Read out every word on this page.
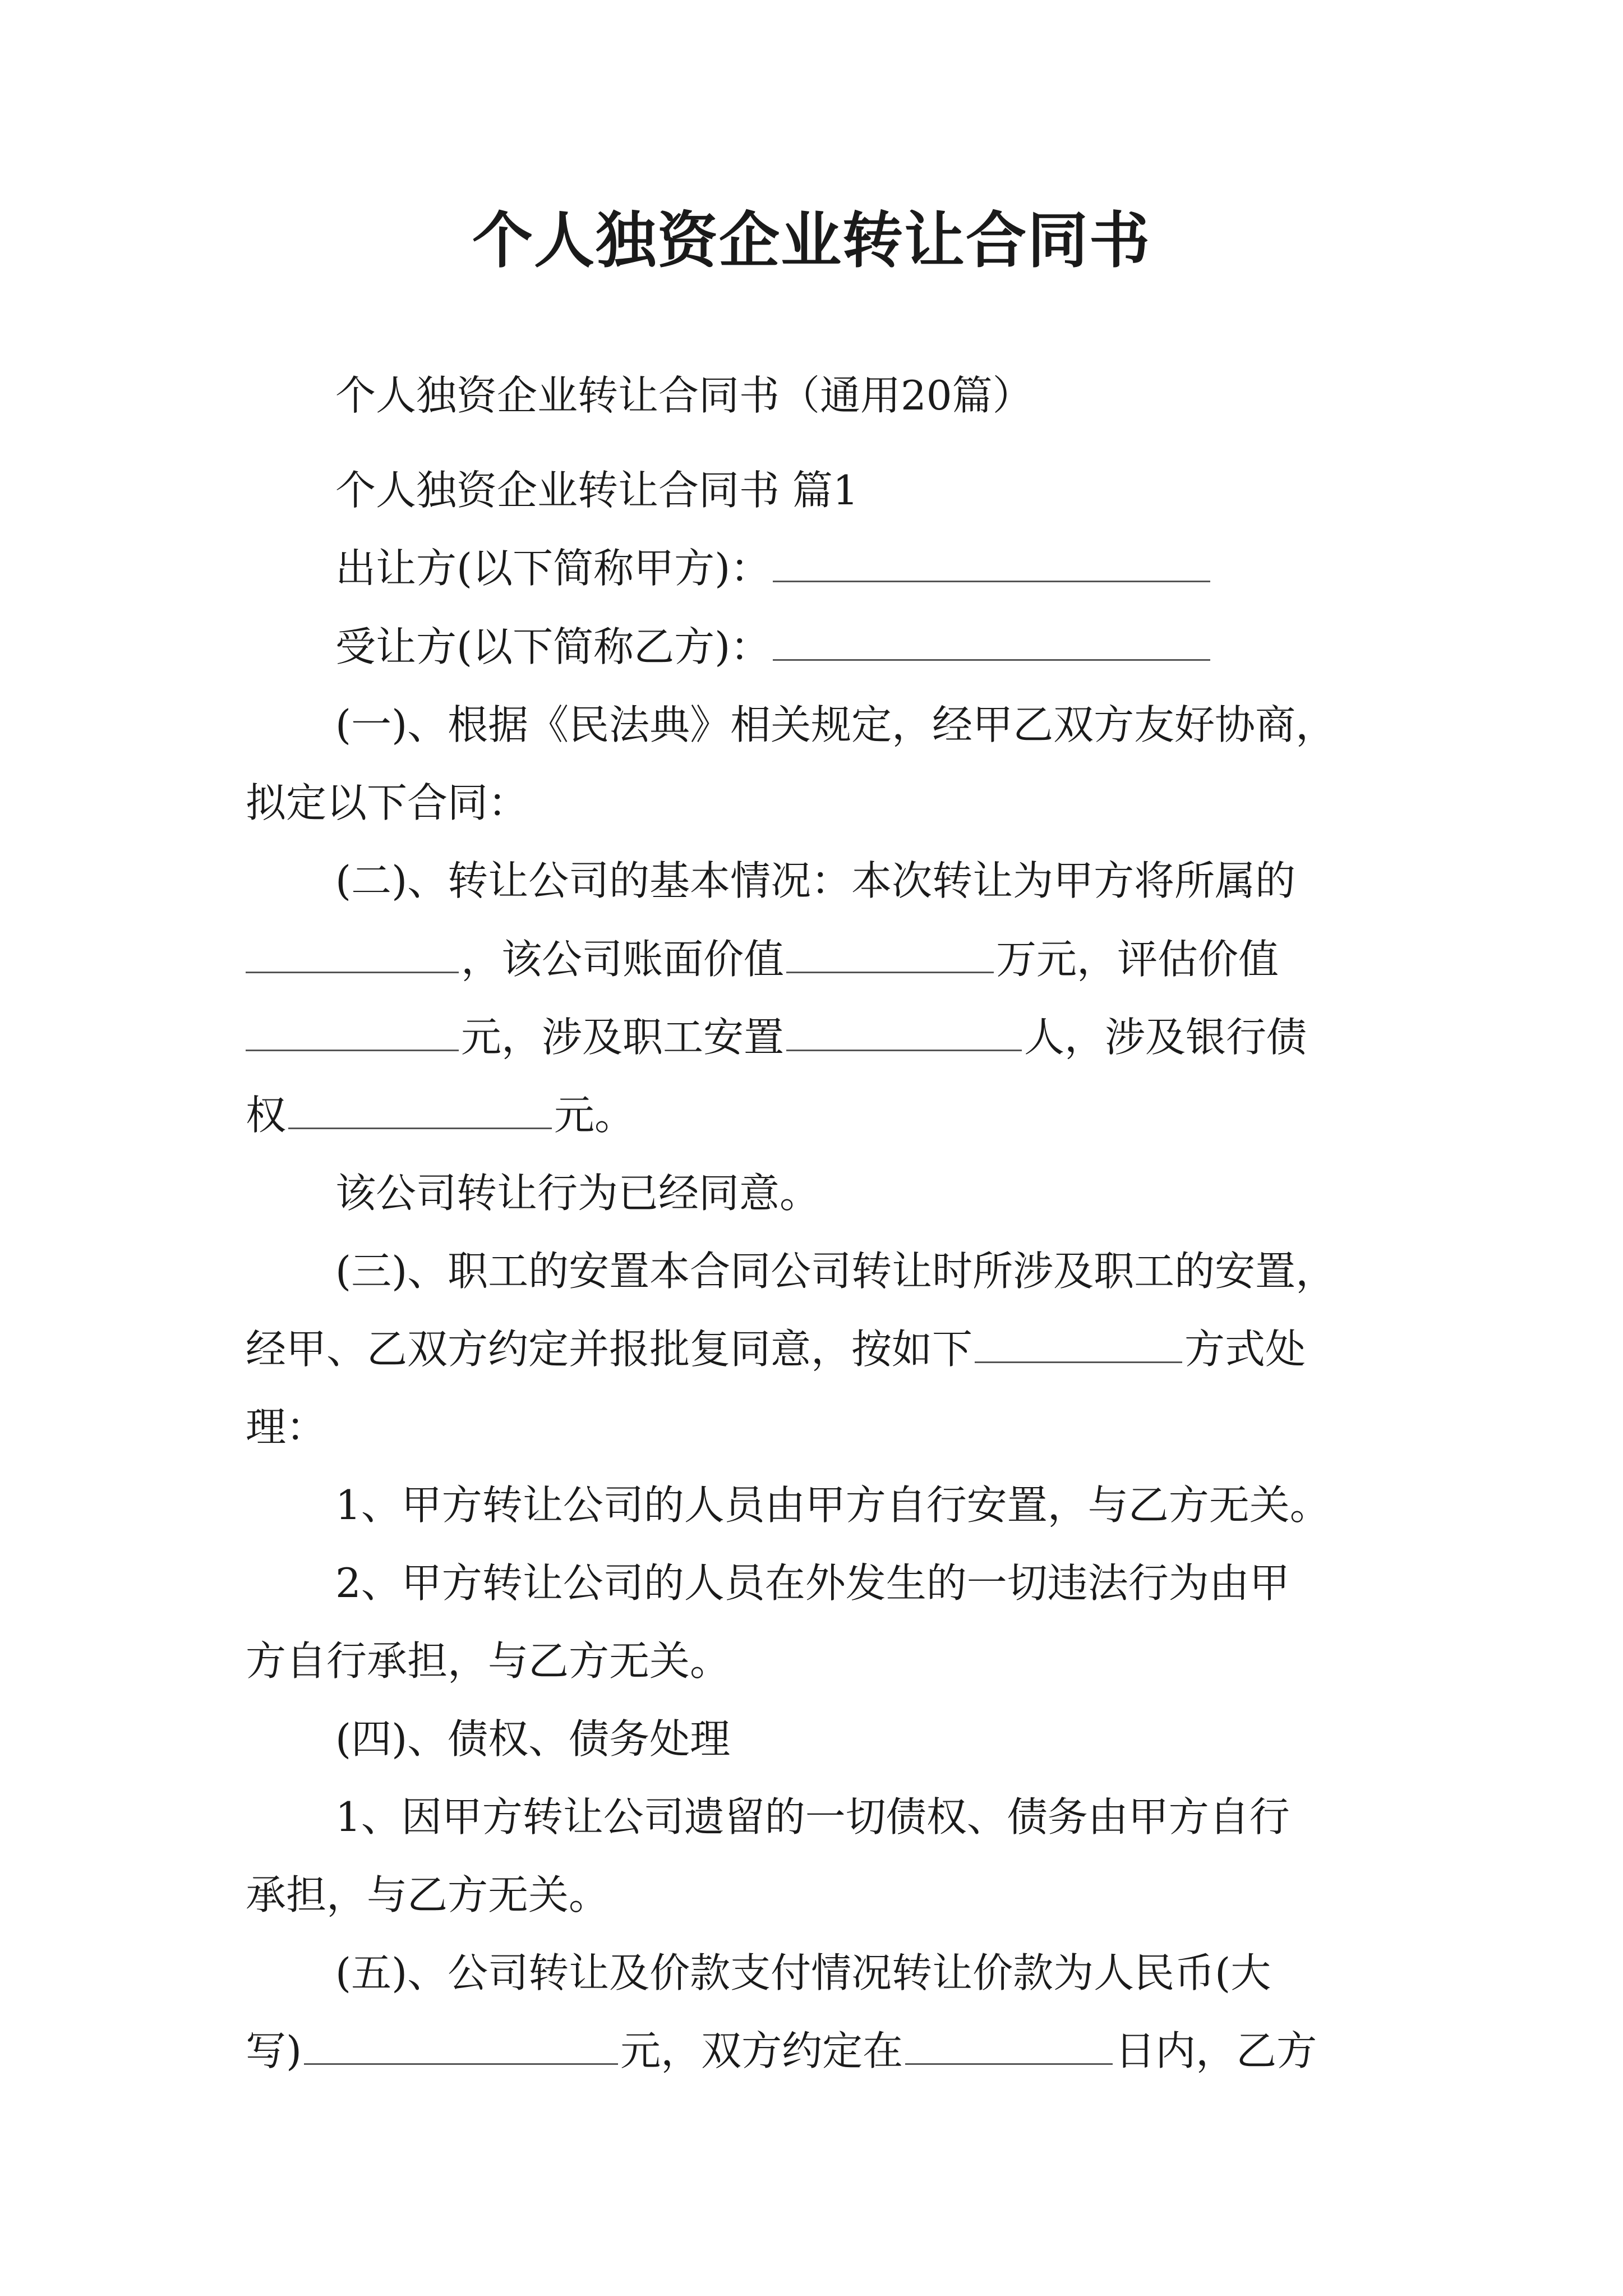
个人独资企业转让合同书
个人独资企业转让合同书（通用20篇）
个人独资企业转让合同书 篇1
出让方(以下简称甲方)：
受让方(以下简称乙方)：
(一)、根据《民法典》相关规定，经甲乙双方友好协商，
拟定以下合同：
(二)、转让公司的基本情况：本次转让为甲方将所属的
，该公司账面价值	万元，评估价值
元，涉及职工安置	人，涉及银行债
权	元。
该公司转让行为已经同意。
(三)、职工的安置本合同公司转让时所涉及职工的安置，
经甲、乙双方约定并报批复同意，按如下	方式处
理：
1、甲方转让公司的人员由甲方自行安置，与乙方无关。
2、甲方转让公司的人员在外发生的一切违法行为由甲
方自行承担，与乙方无关。
(四)、债权、债务处理
1、因甲方转让公司遗留的一切债权、债务由甲方自行
承担，与乙方无关。
(五)、公司转让及价款支付情况转让价款为人民币(大
写)	元，双方约定在	日内，乙方
